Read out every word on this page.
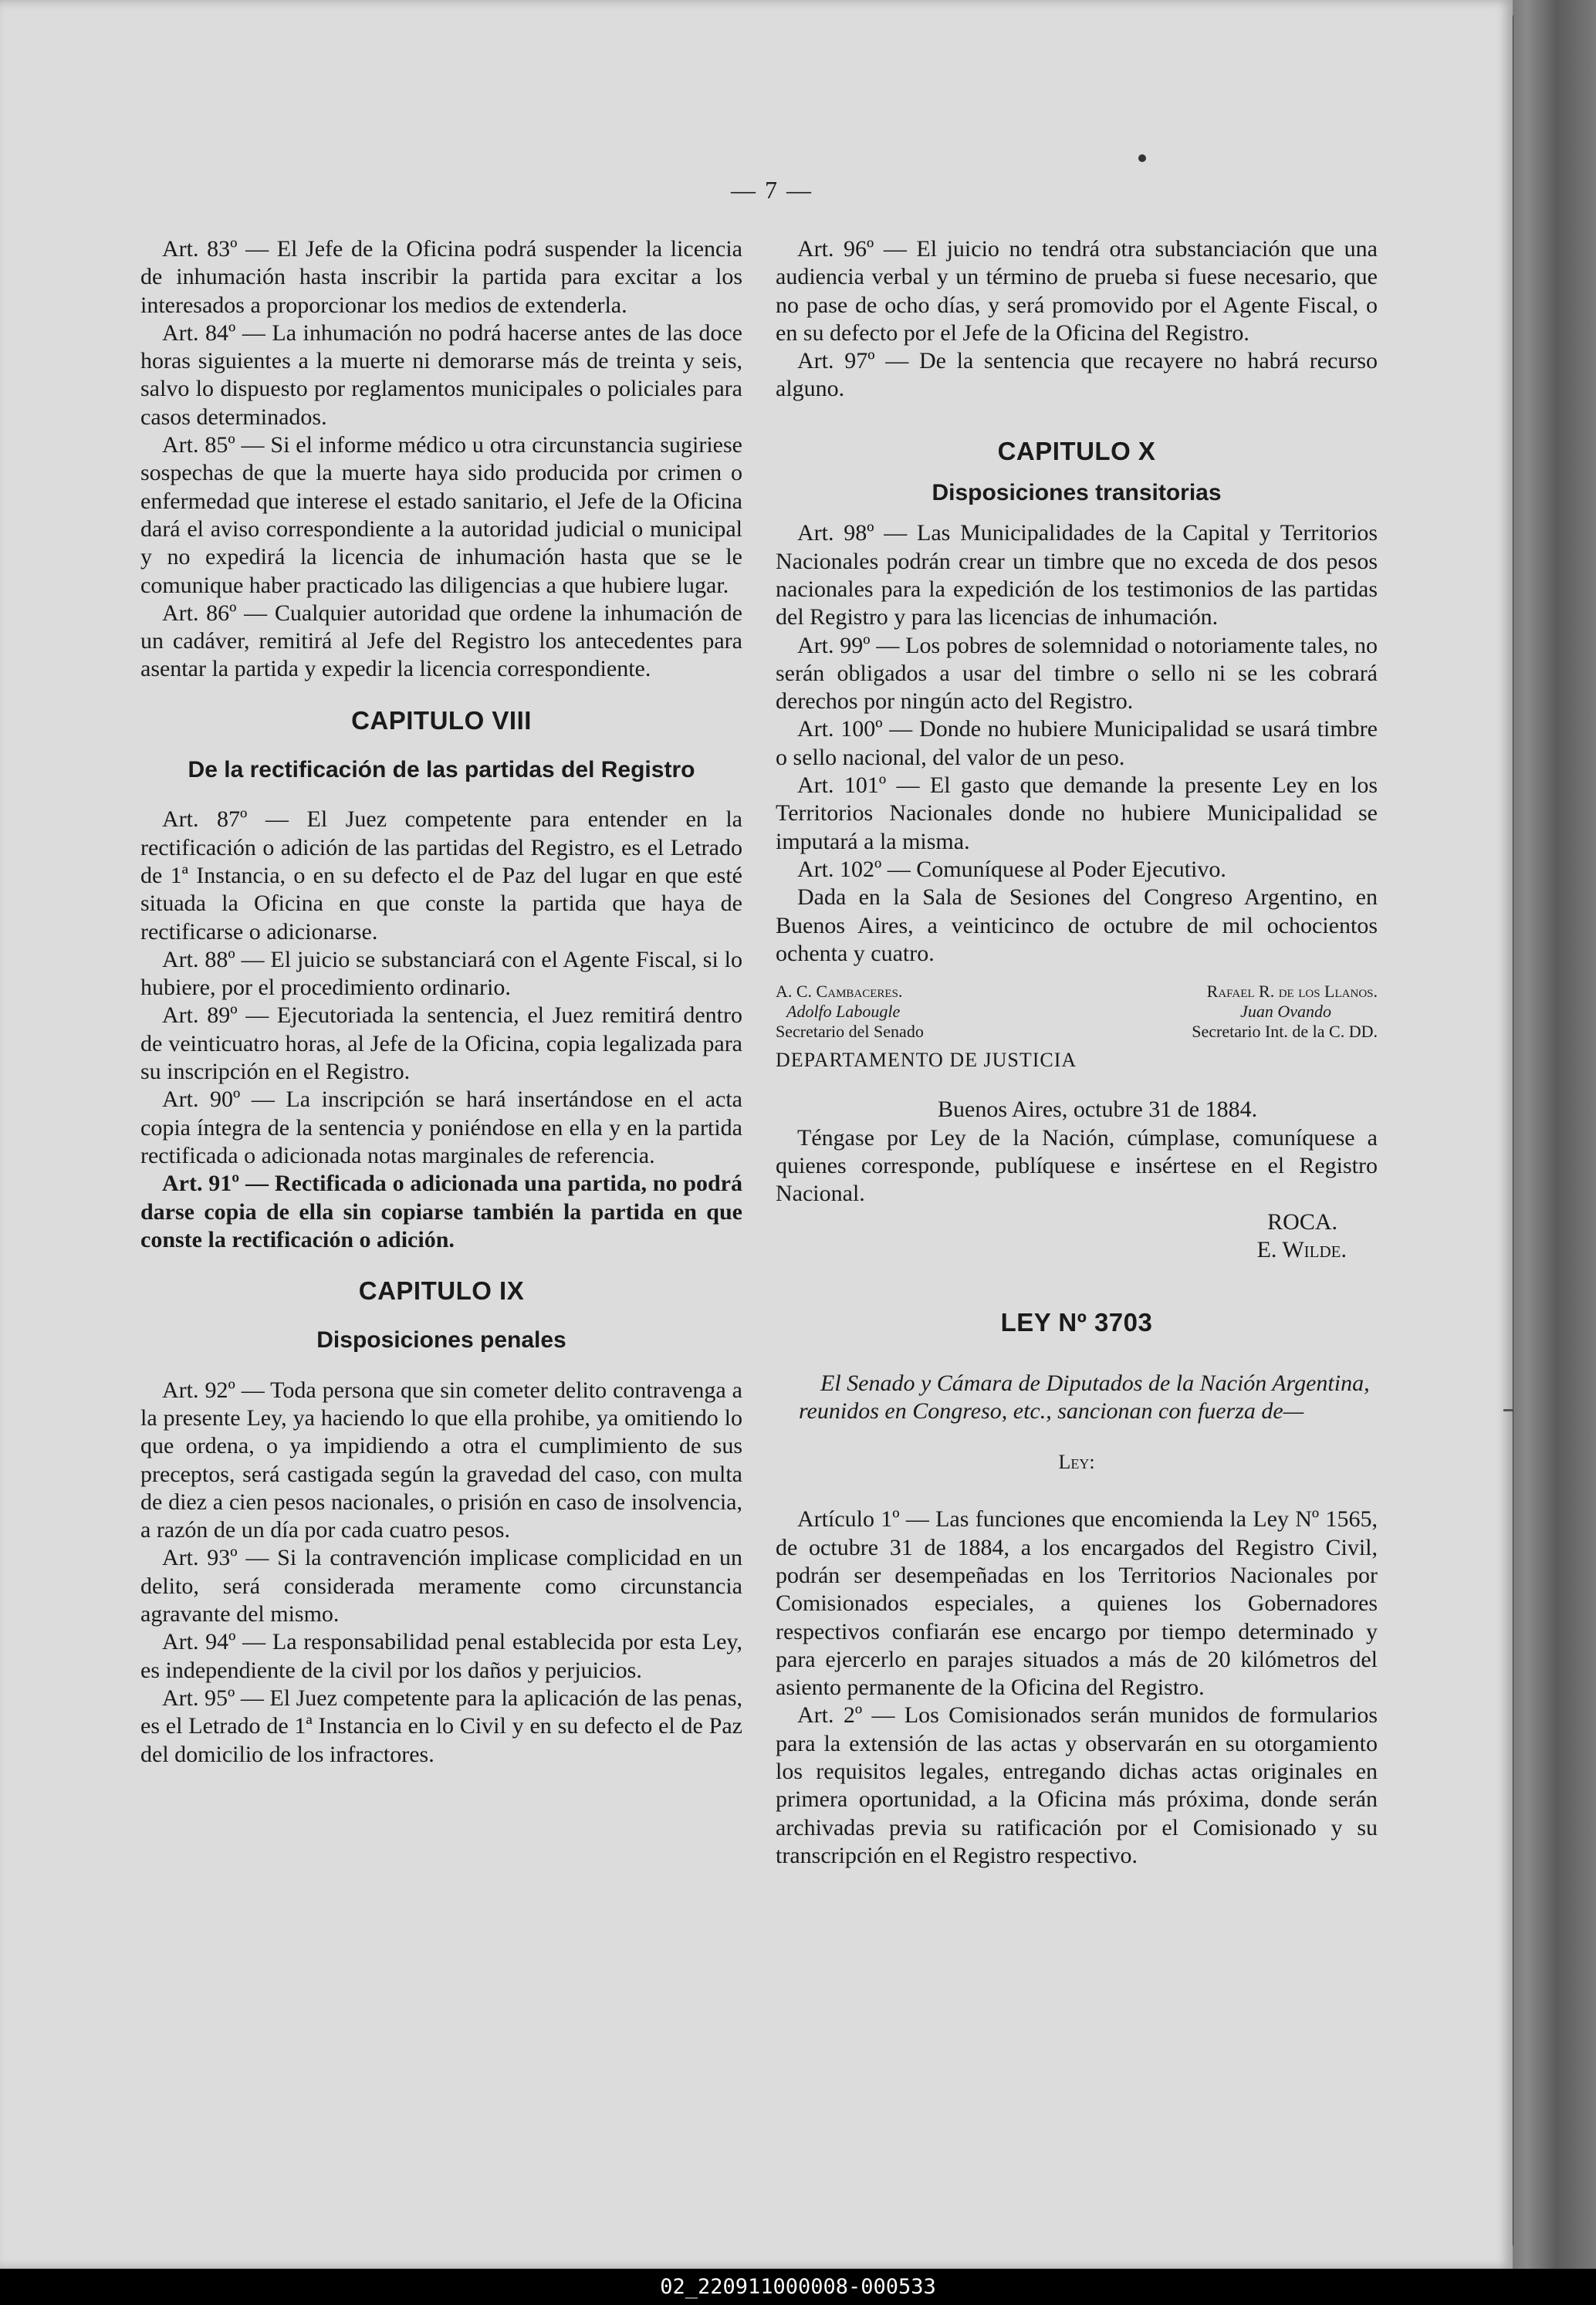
— 7 —

Art. 83º — El Jefe de la Oficina podrá suspender la licencia de inhumación hasta inscribir la partida para excitar a los interesados a proporcionar los medios de extenderla.

Art. 84º — La inhumación no podrá hacerse antes de las doce horas siguientes a la muerte ni demorarse más de treinta y seis, salvo lo dispuesto por reglamentos municipales o policiales para casos determinados.

Art. 85º — Si el informe médico u otra circunstancia sugiriese sospechas de que la muerte haya sido producida por crimen o enfermedad que interese el estado sanitario, el Jefe de la Oficina dará el aviso correspondiente a la autoridad judicial o municipal y no expedirá la licencia de inhumación hasta que se le comunique haber practicado las diligencias a que hubiere lugar.

Art. 86º — Cualquier autoridad que ordene la inhumación de un cadáver, remitirá al Jefe del Registro los antecedentes para asentar la partida y expedir la licencia correspondiente.

CAPITULO VIII
De la rectificación de las partidas del Registro

Art. 87º — El Juez competente para entender en la rectificación o adición de las partidas del Registro, es el Letrado de 1ª Instancia, o en su defecto el de Paz del lugar en que esté situada la Oficina en que conste la partida que haya de rectificarse o adicionarse.

Art. 88º — El juicio se substanciará con el Agente Fiscal, si lo hubiere, por el procedimiento ordinario.

Art. 89º — Ejecutoriada la sentencia, el Juez remitirá dentro de veinticuatro horas, al Jefe de la Oficina, copia legalizada para su inscripción en el Registro.

Art. 90º — La inscripción se hará insertándose en el acta copia íntegra de la sentencia y poniéndose en ella y en la partida rectificada o adicionada notas marginales de referencia.

Art. 91º — Rectificada o adicionada una partida, no podrá darse copia de ella sin copiarse también la partida en que conste la rectificación o adición.

CAPITULO IX
Disposiciones penales

Art. 92º — Toda persona que sin cometer delito contravenga a la presente Ley, ya haciendo lo que ella prohibe, ya omitiendo lo que ordena, o ya impidiendo a otra el cumplimiento de sus preceptos, será castigada según la gravedad del caso, con multa de diez a cien pesos nacionales, o prisión en caso de insolvencia, a razón de un día por cada cuatro pesos.

Art. 93º — Si la contravención implicase complicidad en un delito, será considerada meramente como circunstancia agravante del mismo.

Art. 94º — La responsabilidad penal establecida por esta Ley, es independiente de la civil por los daños y perjuicios.

Art. 95º — El Juez competente para la aplicación de las penas, es el Letrado de 1ª Instancia en lo Civil y en su defecto el de Paz del domicilio de los infractores.

Art. 96º — El juicio no tendrá otra substanciación que una audiencia verbal y un término de prueba si fuese necesario, que no pase de ocho días, y será promovido por el Agente Fiscal, o en su defecto por el Jefe de la Oficina del Registro.

Art. 97º — De la sentencia que recayere no habrá recurso alguno.

CAPITULO X
Disposiciones transitorias

Art. 98º — Las Municipalidades de la Capital y Territorios Nacionales podrán crear un timbre que no exceda de dos pesos nacionales para la expedición de los testimonios de las partidas del Registro y para las licencias de inhumación.

Art. 99º — Los pobres de solemnidad o notoriamente tales, no serán obligados a usar del timbre o sello ni se les cobrará derechos por ningún acto del Registro.

Art. 100º — Donde no hubiere Municipalidad se usará timbre o sello nacional, del valor de un peso.

Art. 101º — El gasto que demande la presente Ley en los Territorios Nacionales donde no hubiere Municipalidad se imputará a la misma.

Art. 102º — Comuníquese al Poder Ejecutivo.

Dada en la Sala de Sesiones del Congreso Argentino, en Buenos Aires, a veinticinco de octubre de mil ochocientos ochenta y cuatro.

A. C. Cambaceres.	Rafael R. de los Llanos.
Adolfo Labougle	Juan Ovando
Secretario del Senado	Secretario Int. de la C. DD.
DEPARTAMENTO DE JUSTICIA

Buenos Aires, octubre 31 de 1884.

Téngase por Ley de la Nación, cúmplase, comuníquese a quienes corresponde, publíquese e insértese en el Registro Nacional.

ROCA.
E. Wilde.
LEY Nº 3703

El Senado y Cámara de Diputados de la Nación Argentina, reunidos en Congreso, etc., sancionan con fuerza de—

Ley:

Artículo 1º — Las funciones que encomienda la Ley Nº 1565, de octubre 31 de 1884, a los encargados del Registro Civil, podrán ser desempeñadas en los Territorios Nacionales por Comisionados especiales, a quienes los Gobernadores respectivos confiarán ese encargo por tiempo determinado y para ejercerlo en parajes situados a más de 20 kilómetros del asiento permanente de la Oficina del Registro.

Art. 2º — Los Comisionados serán munidos de formularios para la extensión de las actas y observarán en su otorgamiento los requisitos legales, entregando dichas actas originales en primera oportunidad, a la Oficina más próxima, donde serán archivadas previa su ratificación por el Comisionado y su transcripción en el Registro respectivo.

02_220911000008-000533
